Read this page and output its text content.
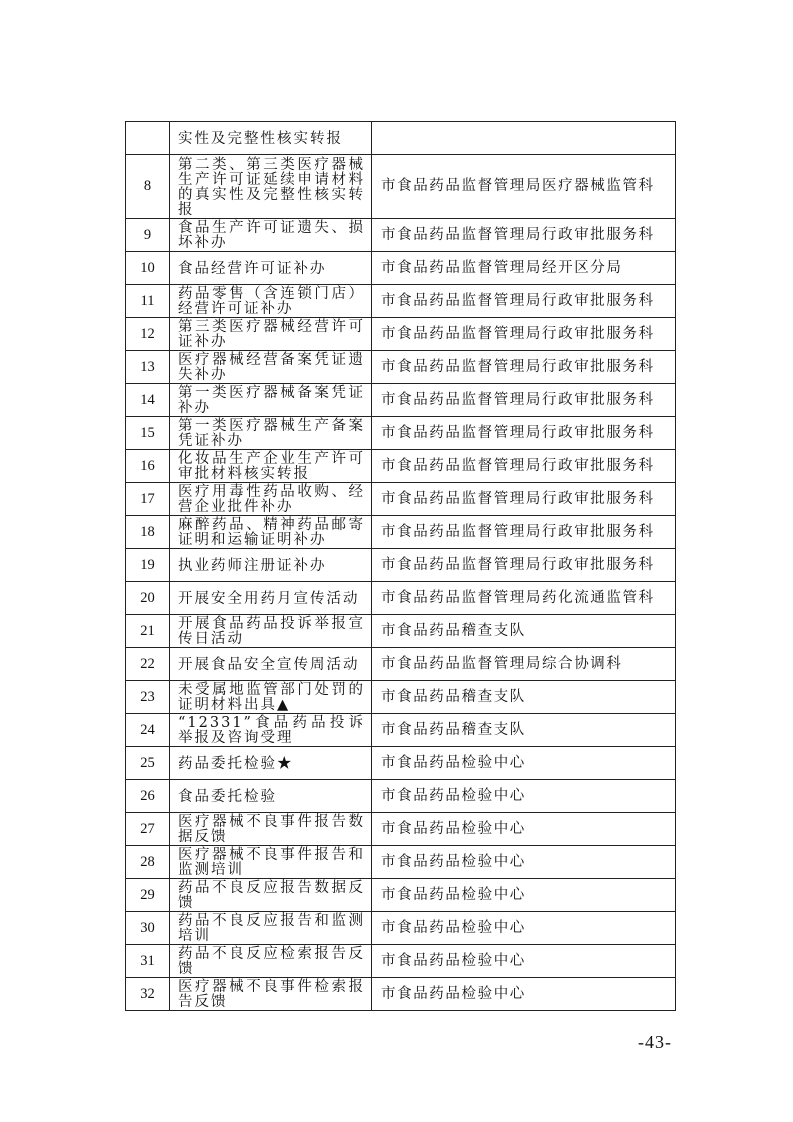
	实性及完整性核实转报	
8	第二类、第三类医疗器械生产许可证延续申请材料的真实性及完整性核实转报	市食品药品监督管理局医疗器械监管科
9	食品生产许可证遗失、损坏补办	市食品药品监督管理局行政审批服务科
10	食品经营许可证补办	市食品药品监督管理局经开区分局
11	药品零售（含连锁门店）经营许可证补办	市食品药品监督管理局行政审批服务科
12	第三类医疗器械经营许可证补办	市食品药品监督管理局行政审批服务科
13	医疗器械经营备案凭证遗失补办	市食品药品监督管理局行政审批服务科
14	第一类医疗器械备案凭证补办	市食品药品监督管理局行政审批服务科
15	第一类医疗器械生产备案凭证补办	市食品药品监督管理局行政审批服务科
16	化妆品生产企业生产许可审批材料核实转报	市食品药品监督管理局行政审批服务科
17	医疗用毒性药品收购、经营企业批件补办	市食品药品监督管理局行政审批服务科
18	麻醉药品、精神药品邮寄证明和运输证明补办	市食品药品监督管理局行政审批服务科
19	执业药师注册证补办	市食品药品监督管理局行政审批服务科
20	开展安全用药月宣传活动	市食品药品监督管理局药化流通监管科
21	开展食品药品投诉举报宣传日活动	市食品药品稽查支队
22	开展食品安全宣传周活动	市食品药品监督管理局综合协调科
23	未受属地监管部门处罚的证明材料出具▲	市食品药品稽查支队
24	“12331”食品药品投诉举报及咨询受理	市食品药品稽查支队
25	药品委托检验★	市食品药品检验中心
26	食品委托检验	市食品药品检验中心
27	医疗器械不良事件报告数据反馈	市食品药品检验中心
28	医疗器械不良事件报告和监测培训	市食品药品检验中心
29	药品不良反应报告数据反馈	市食品药品检验中心
30	药品不良反应报告和监测培训	市食品药品检验中心
31	药品不良反应检索报告反馈	市食品药品检验中心
32	医疗器械不良事件检索报告反馈	市食品药品检验中心
-43-
